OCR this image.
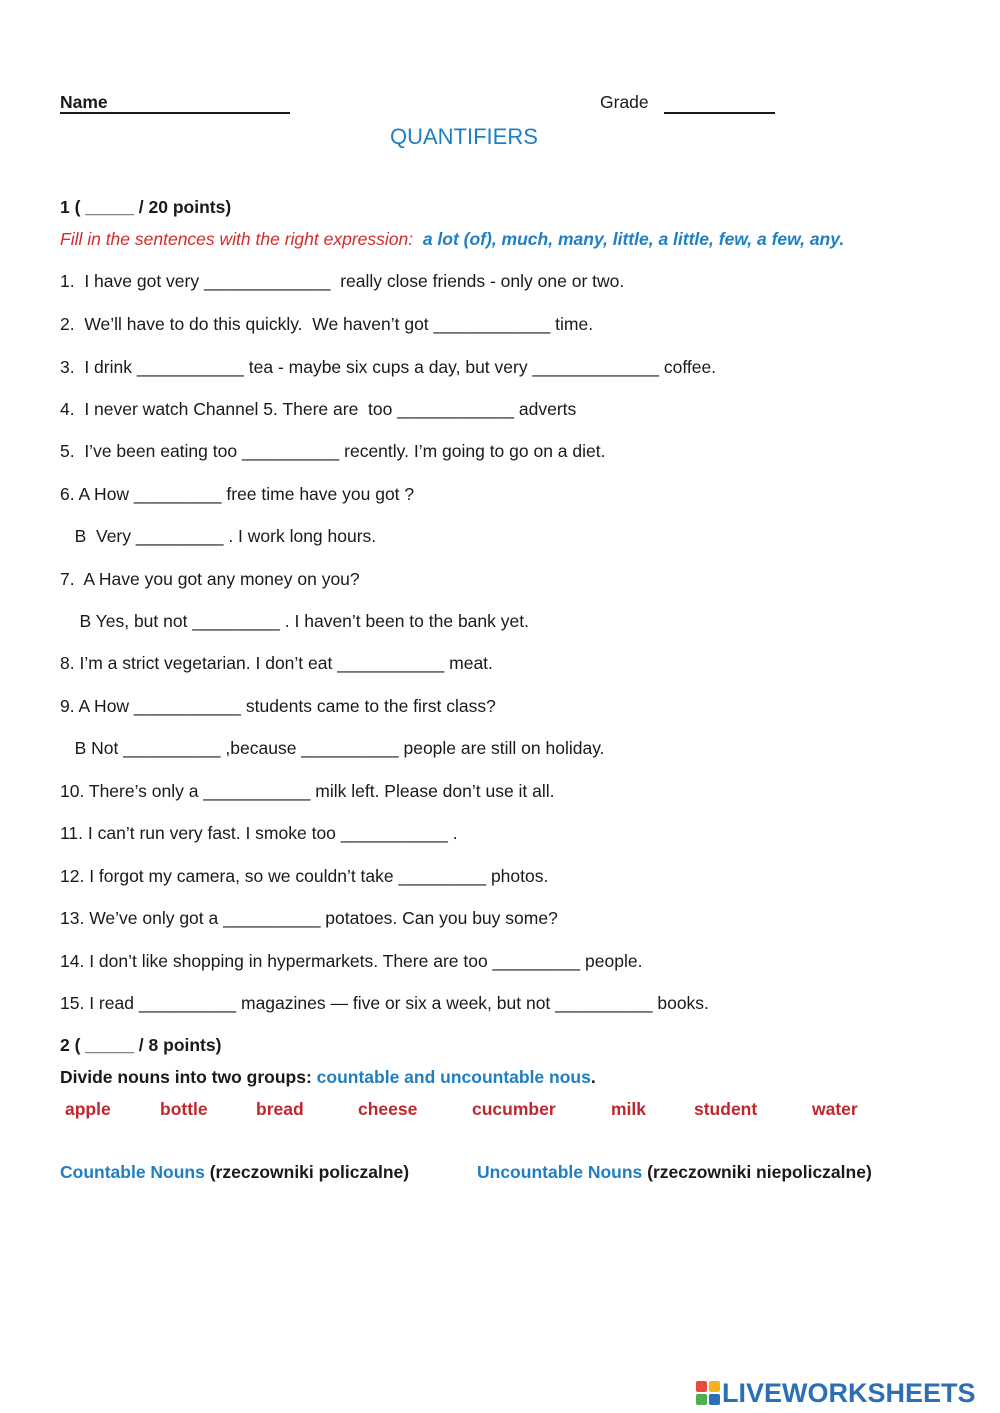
Name	Grade
QUANTIFIERS
1 ( _____ / 20 points)
Fill in the sentences with the right expression: a lot (of), much, many, little, a little, few, a few, any.
1.  I have got very _____________  really close friends - only one or two.
2.  We’ll have to do this quickly.  We haven’t got ____________ time.
3.  I drink ___________ tea - maybe six cups a day, but very _____________ coffee.
4.  I never watch Channel 5. There are  too ____________ adverts
5.  I’ve been eating too __________ recently. I’m going to go on a diet.
6. A How _________ free time have you got ?
B  Very _________ . I work long hours.
7.  A Have you got any money on you?
B Yes, but not _________ . I haven’t been to the bank yet.
8. I’m a strict vegetarian. I don’t eat ___________ meat.
9. A How ___________ students came to the first class?
B Not __________ ,because __________ people are still on holiday.
10. There’s only a ___________ milk left. Please don’t use it all.
11. I can’t run very fast. I smoke too ___________ .
12. I forgot my camera, so we couldn’t take _________ photos.
13. We’ve only got a __________ potatoes. Can you buy some?
14. I don’t like shopping in hypermarkets. There are too _________ people.
15. I read __________ magazines — five or six a week, but not __________ books.
2 ( _____ / 8 points)
Divide nouns into two groups: countable and uncountable nous.
apple	bottle	bread	cheese	cucumber	milk	student	water
Countable Nouns (rzeczowniki policzalne)	Uncountable Nouns (rzeczowniki niepoliczalne)
LIVEWORKSHEETS
